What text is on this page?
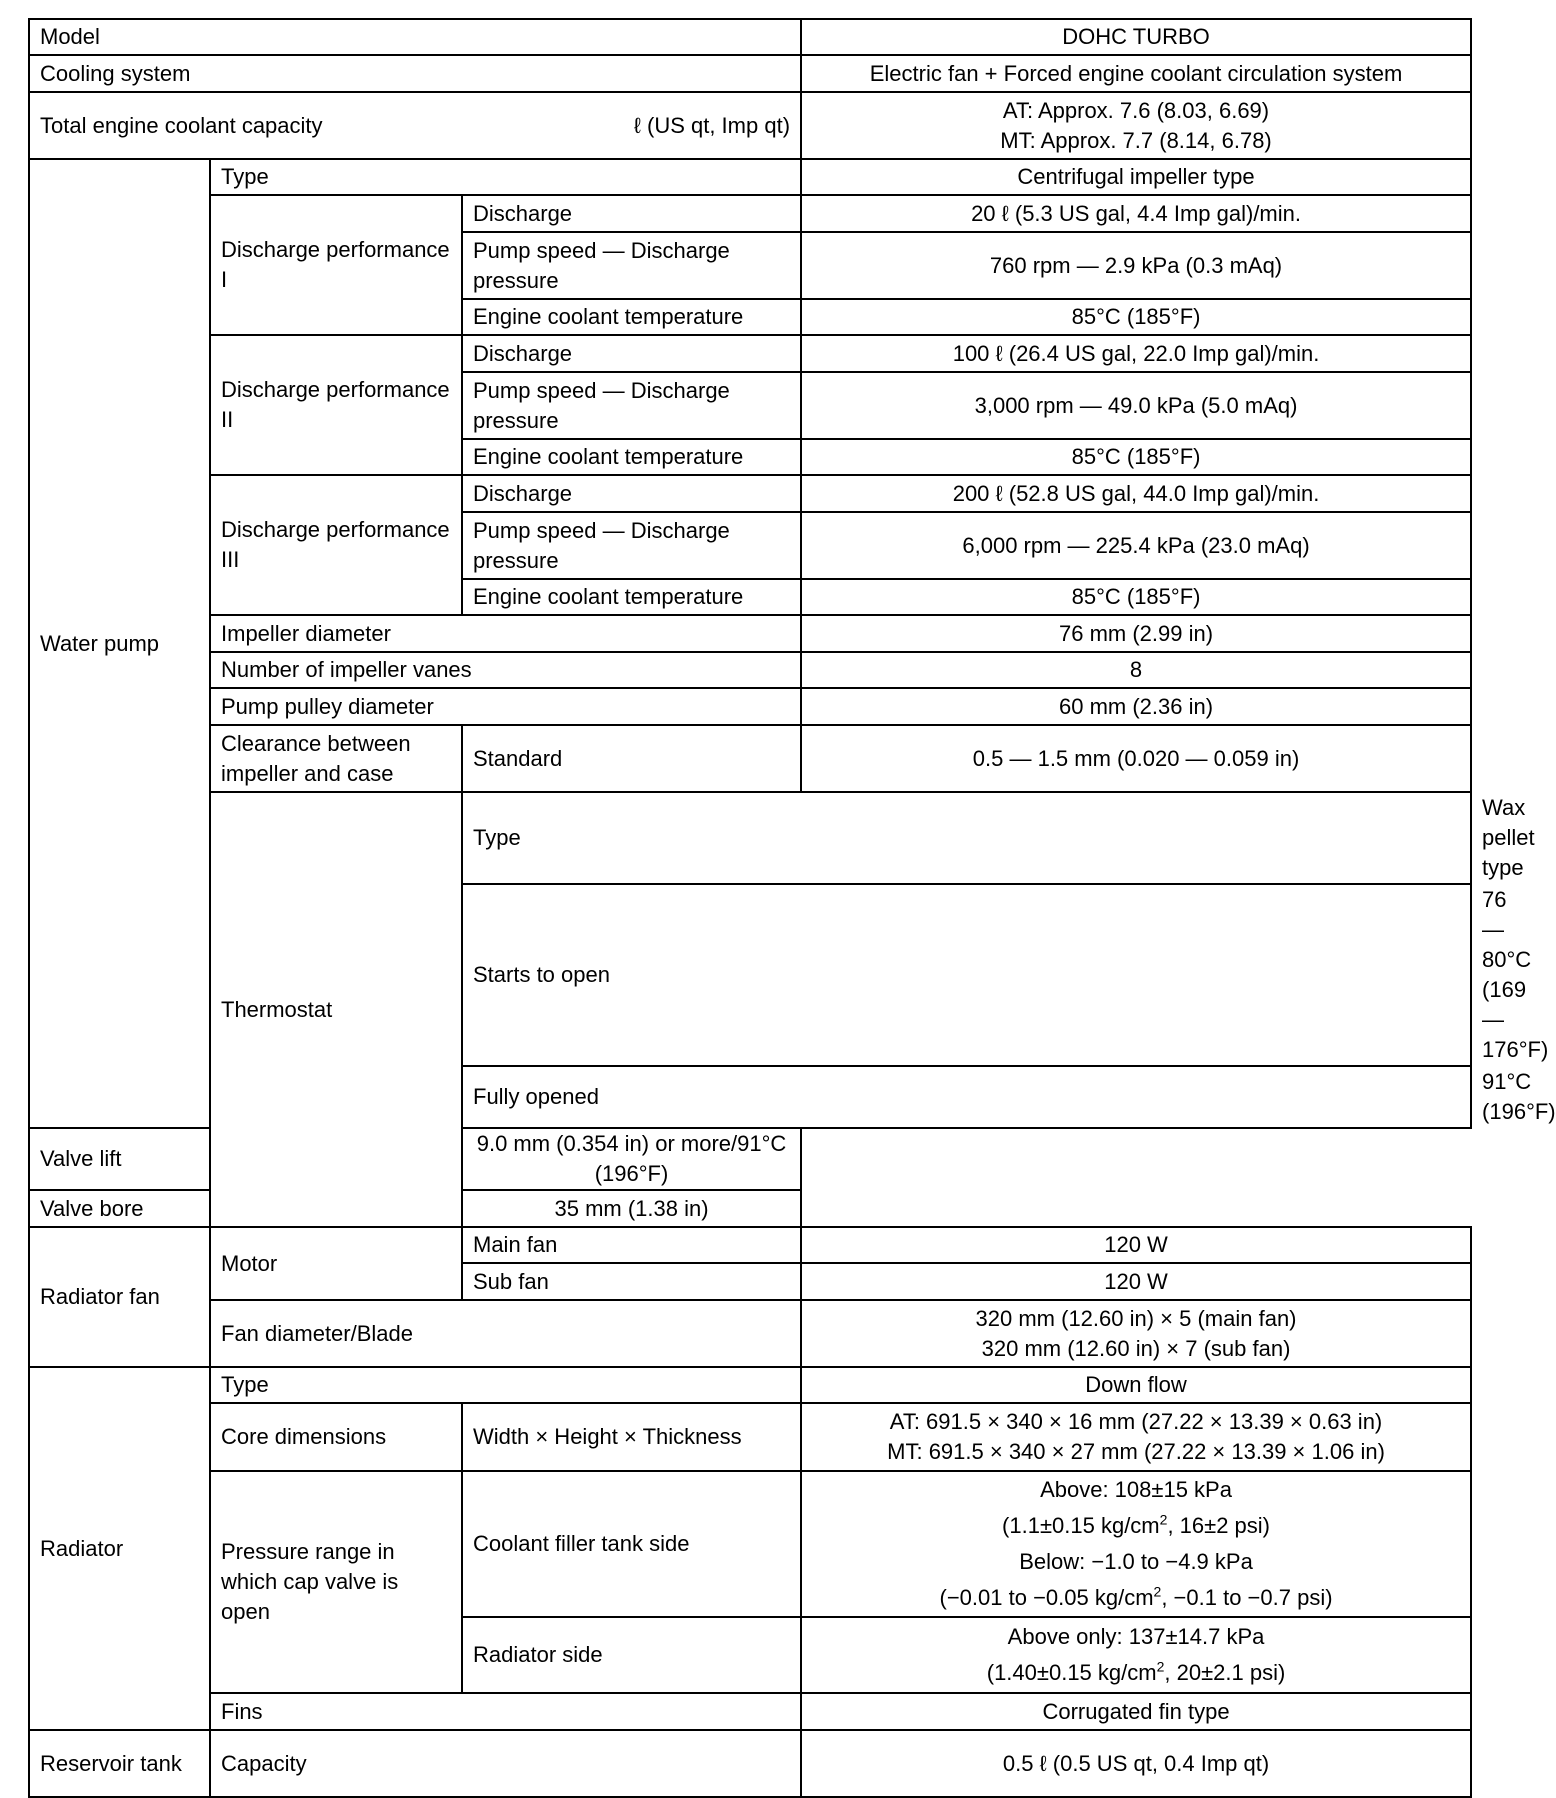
Model			DOHC TURBO	
Cooling system			Electric fan + Forced engine coolant circulation system	

Total engine coolant capacity ℓ (US qt, Imp qt)			AT: Approx. 7.6 (8.03, 6.69)
MT: Approx. 7.7 (8.14, 6.78)	

Water pump	Type		Centrifugal impeller type	
	Discharge performance I	Discharge	20 ℓ (5.3 US gal, 4.4 Imp gal)/min.	
		Pump speed — Discharge pressure	760 rpm — 2.9 kPa (0.3 mAq)	
		Engine coolant temperature	85°C (185°F)	
	Discharge performance II	Discharge	100 ℓ (26.4 US gal, 22.0 Imp gal)/min.	
		Pump speed — Discharge pressure	3,000 rpm — 49.0 kPa (5.0 mAq)	
		Engine coolant temperature	85°C (185°F)	
	Discharge performance III	Discharge	200 ℓ (52.8 US gal, 44.0 Imp gal)/min.	
		Pump speed — Discharge pressure	6,000 rpm — 225.4 kPa (23.0 mAq)	
		Engine coolant temperature	85°C (185°F)	
	Impeller diameter		76 mm (2.99 in)	
	Number of impeller vanes		8	
	Pump pulley diameter		60 mm (2.36 in)	
	Clearance between impeller and case	Standard	0.5 — 1.5 mm (0.020 — 0.059 in)	
	Thermostat	Type		Wax pellet type
		Starts to open		76 — 80°C (169 — 176°F)
		Fully opened		91°C (196°F)
Valve lift		9.0 mm (0.354 in) or more/91°C (196°F)		
Valve bore		35 mm (1.38 in)		
Radiator fan	Motor	Main fan	120 W	
		Sub fan	120 W	
	Fan diameter/Blade		320 mm (12.60 in) × 5 (main fan)
320 mm (12.60 in) × 7 (sub fan)	

Radiator	Type		Down flow	
	Core dimensions	Width × Height × Thickness	AT: 691.5 × 340 × 16 mm (27.22 × 13.39 × 0.63 in)
MT: 691.5 × 340 × 27 mm (27.22 × 13.39 × 1.06 in)	

	Pressure range in which cap valve is open	Coolant filler tank side	Above: 108±15 kPa
(1.1±0.15 $kg/cm^2$, 16±2 psi)
Below: −1.0 to −4.9 kPa
(−0.01 to −0.05 $kg/cm^2$, −0.1 to −0.7 psi)	

		Radiator side	Above only: 137±14.7 kPa
(1.40±0.15 $kg/cm^2$, 20±2.1 psi)	

	Fins		Corrugated fin type	
Reservoir tank	Capacity		0.5 ℓ (0.5 US qt, 0.4 Imp qt)	
